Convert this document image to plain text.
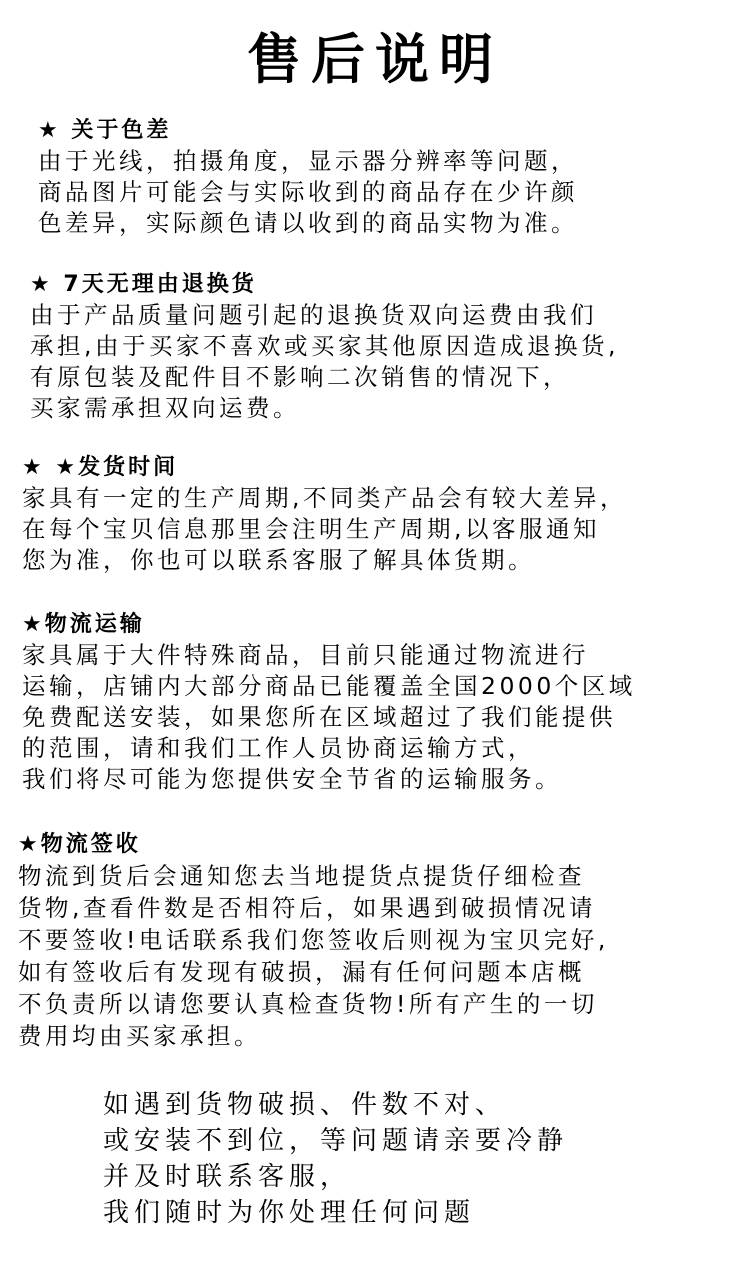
售后说明
★ 关于色差
由于光线，拍摄角度，显示器分辨率等问题，
商品图片可能会与实际收到的商品存在少许颜
色差异，实际颜色请以收到的商品实物为准。
★ 7天无理由退换货
由于产品质量问题引起的退换货双向运费由我们
承担,由于买家不喜欢或买家其他原因造成退换货,
有原包装及配件目不影响二次销售的情况下，
买家需承担双向运费。
★ ★发货时间
家具有一定的生产周期,不同类产品会有较大差异，
在每个宝贝信息那里会注明生产周期,以客服通知
您为准，你也可以联系客服了解具体货期。
★物流运输
家具属于大件特殊商品，目前只能通过物流进行
运输，店铺内大部分商品已能覆盖全国2000个区域
免费配送安装，如果您所在区域超过了我们能提供
的范围，请和我们工作人员协商运输方式，
我们将尽可能为您提供安全节省的运输服务。
★物流签收
物流到货后会通知您去当地提货点提货仔细检查
货物,查看件数是否相符后，如果遇到破损情况请
不要签收!电话联系我们您签收后则视为宝贝完好,
如有签收后有发现有破损，漏有任何问题本店概
不负责所以请您要认真检查货物!所有产生的一切
费用均由买家承担。
如遇到货物破损、件数不对、
或安装不到位，等问题请亲要冷静
并及时联系客服，
我们随时为你处理任何问题
